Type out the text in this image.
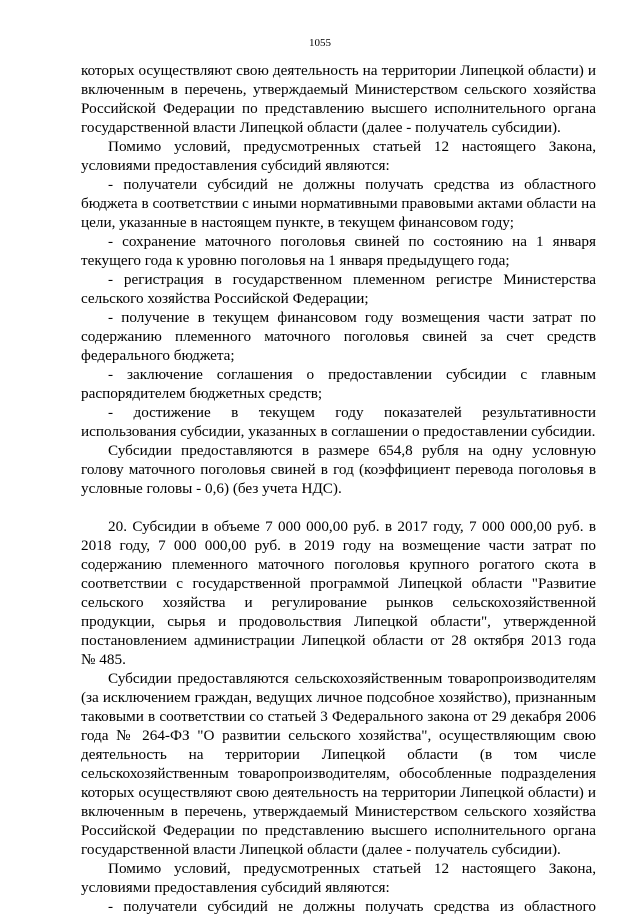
1055
которых осуществляют свою деятельность на территории Липецкой области) и
включенным в перечень, утверждаемый Министерством сельского хозяйства
Российской Федерации по представлению высшего исполнительного органа
государственной власти Липецкой области (далее - получатель субсидии).
Помимо условий, предусмотренных статьей 12 настоящего Закона,
условиями предоставления субсидий являются:
- получатели субсидий не должны получать средства из областного
бюджета в соответствии с иными нормативными правовыми актами области на
цели, указанные в настоящем пункте, в текущем финансовом году;
- сохранение маточного поголовья свиней по состоянию на 1 января
текущего года к уровню поголовья на 1 января предыдущего года;
- регистрация в государственном племенном регистре Министерства
сельского хозяйства Российской Федерации;
- получение в текущем финансовом году возмещения части затрат по
содержанию племенного маточного поголовья свиней за счет средств
федерального бюджета;
- заключение соглашения о предоставлении субсидии с главным
распорядителем бюджетных средств;
- достижение в текущем году показателей результативности
использования субсидии, указанных в соглашении о предоставлении субсидии.
Субсидии предоставляются в размере 654,8 рубля на одну условную
голову маточного поголовья свиней в год (коэффициент перевода поголовья в
условные головы - 0,6) (без учета НДС).
20. Субсидии в объеме 7 000 000,00 руб. в 2017 году, 7 000 000,00 руб. в
2018 году, 7 000 000,00 руб. в 2019 году на возмещение части затрат по
содержанию племенного маточного поголовья крупного рогатого скота в
соответствии с государственной программой Липецкой области "Развитие
сельского хозяйства и регулирование рынков сельскохозяйственной
продукции, сырья и продовольствия Липецкой области", утвержденной
постановлением администрации Липецкой области от 28 октября 2013 года
№ 485.
Субсидии предоставляются сельскохозяйственным товаропроизводителям
(за исключением граждан, ведущих личное подсобное хозяйство), признанным
таковыми в соответствии со статьей 3 Федерального закона от 29 декабря 2006
года № 264-ФЗ "О развитии сельского хозяйства", осуществляющим свою
деятельность на территории Липецкой области (в том числе
сельскохозяйственным товаропроизводителям, обособленные подразделения
которых осуществляют свою деятельность на территории Липецкой области) и
включенным в перечень, утверждаемый Министерством сельского хозяйства
Российской Федерации по представлению высшего исполнительного органа
государственной власти Липецкой области (далее - получатель субсидии).
Помимо условий, предусмотренных статьей 12 настоящего Закона,
условиями предоставления субсидий являются:
- получатели субсидий не должны получать средства из областного
